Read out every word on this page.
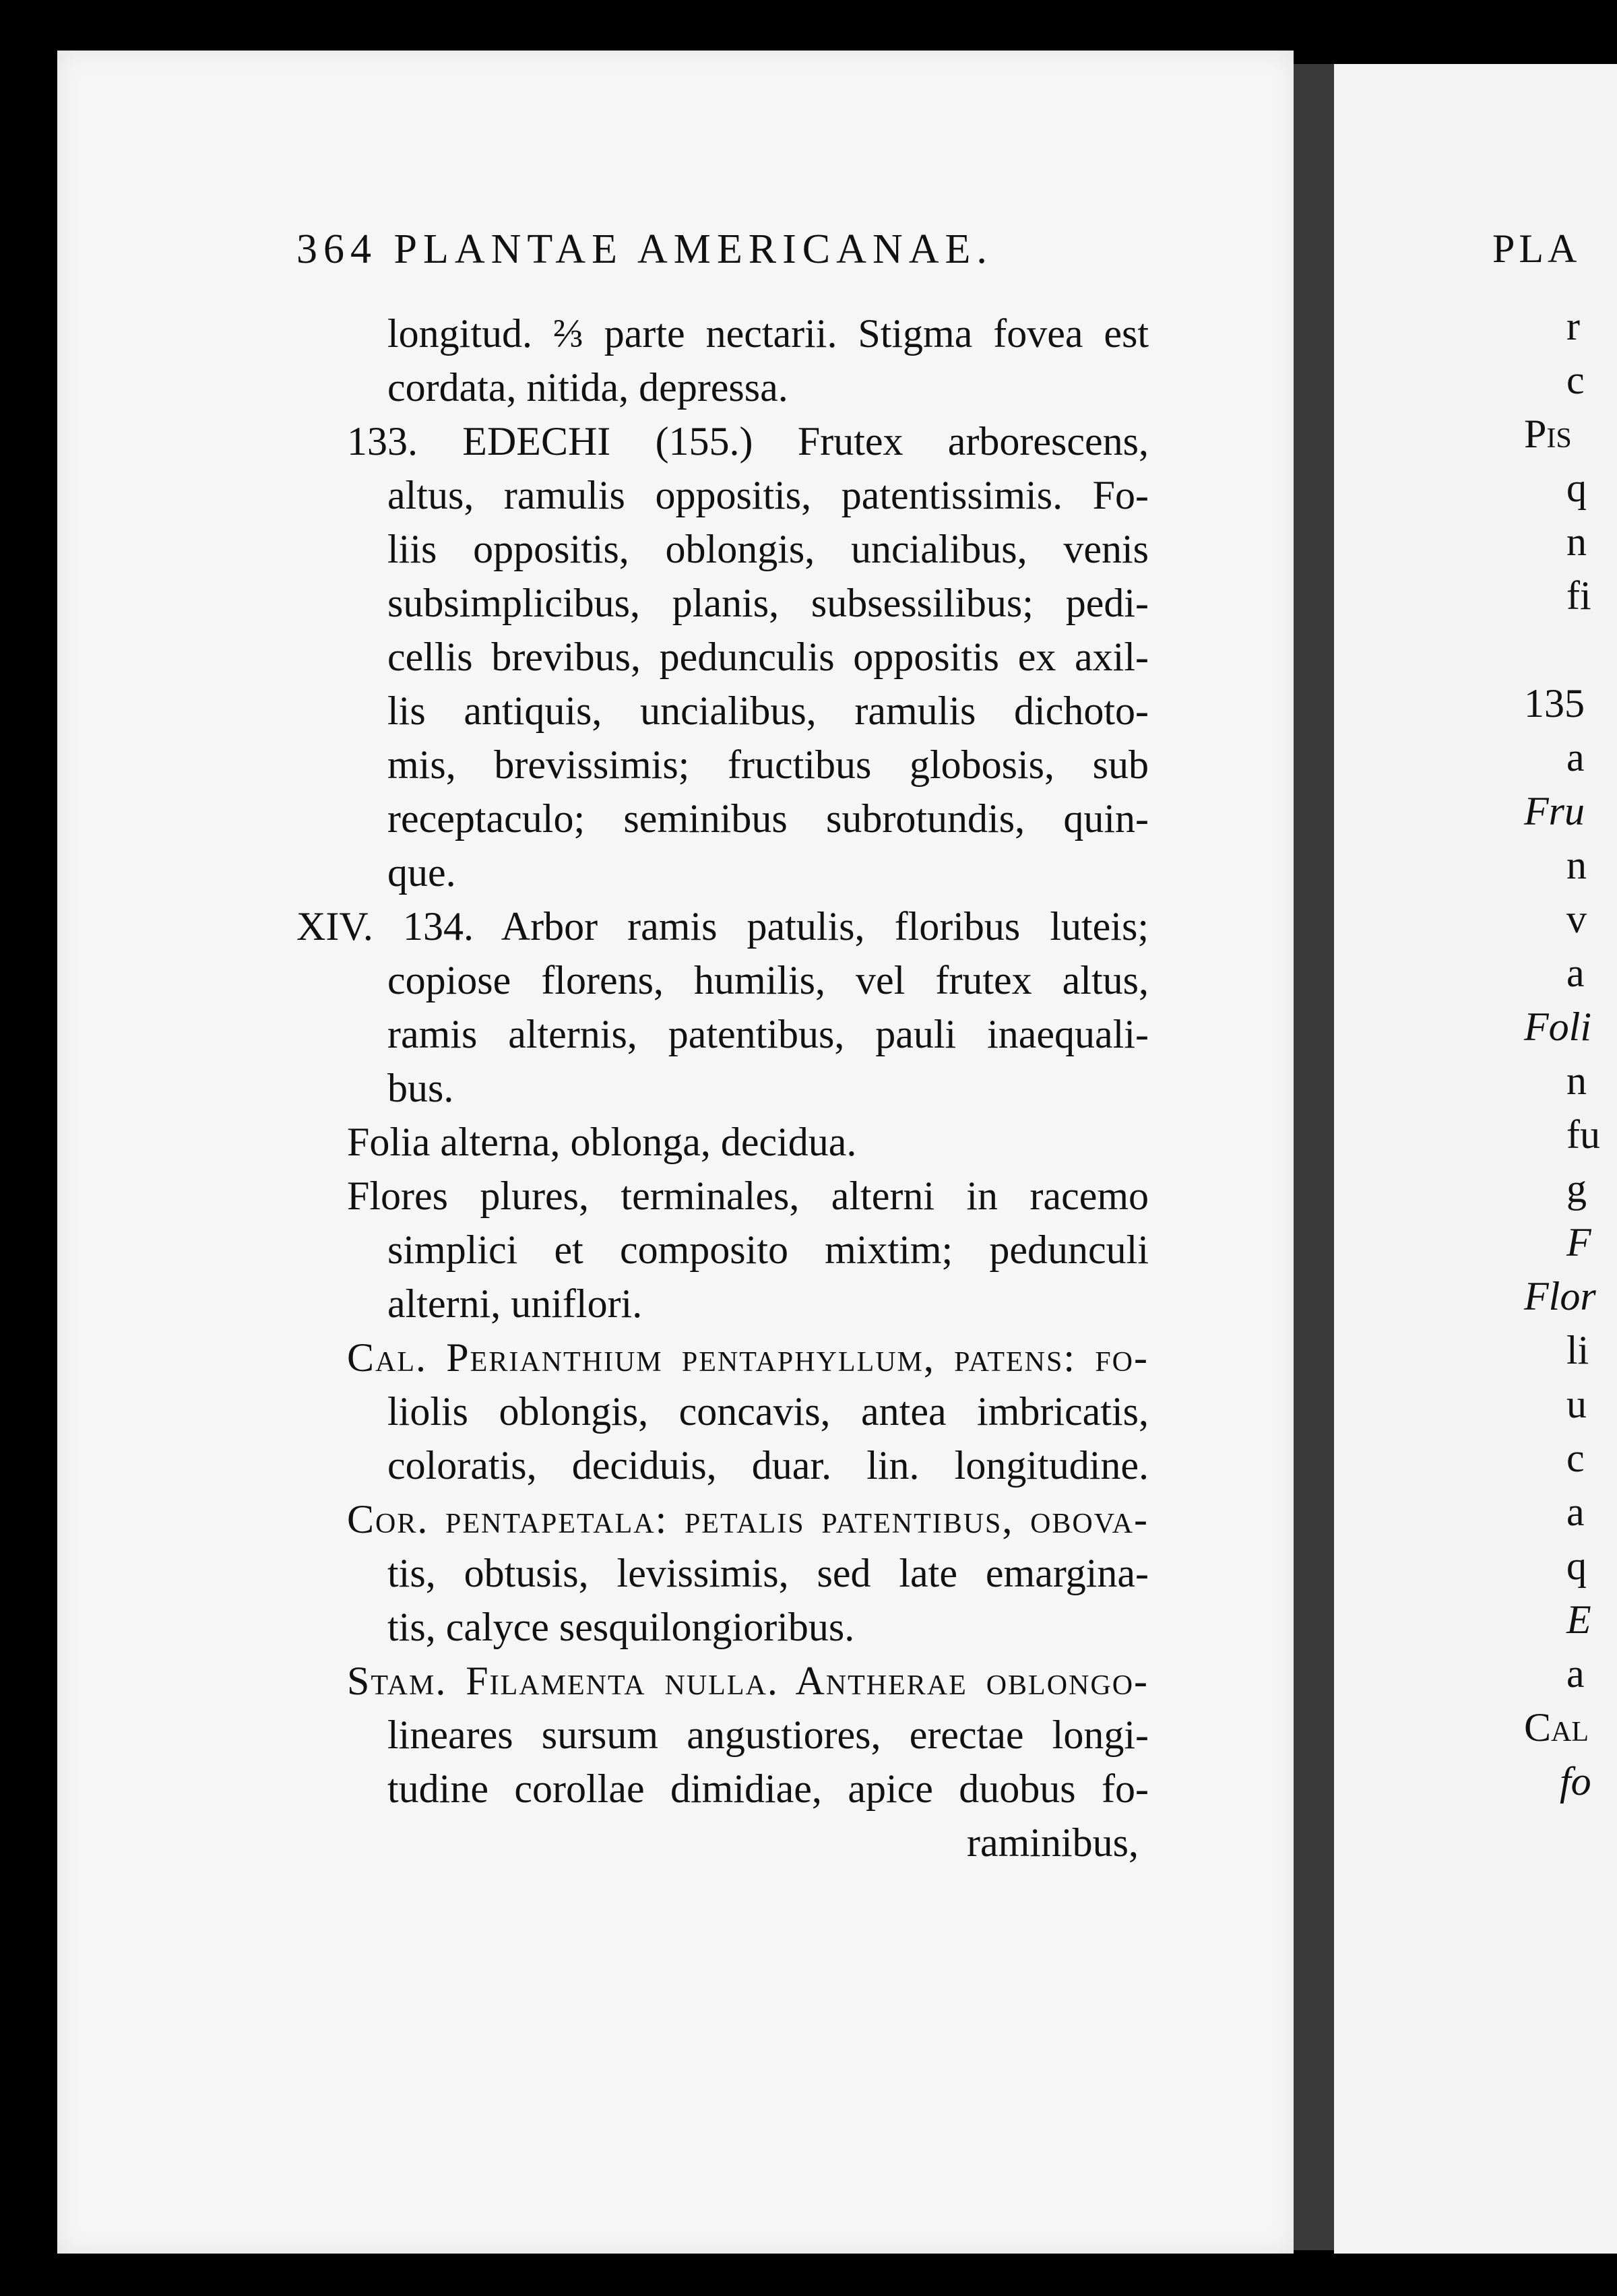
364 PLANTAE AMERICANAE.
longitud. ⅔ parte nectarii. Stigma fovea est
cordata, nitida, depressa.
133. EDECHI (155.) Frutex arborescens,
altus, ramulis oppositis, patentissimis. Fo-
liis oppositis, oblongis, uncialibus, venis
subsimplicibus, planis, subsessilibus; pedi-
cellis brevibus, pedunculis oppositis ex axil-
lis antiquis, uncialibus, ramulis dichoto-
mis, brevissimis; fructibus globosis, sub
receptaculo; seminibus subrotundis, quin-
que.
XIV. 134. Arbor ramis patulis, floribus luteis;
copiose florens, humilis, vel frutex altus,
ramis alternis, patentibus, pauli inaequali-
bus.
Folia alterna, oblonga, decidua.
Flores plures, terminales, alterni in racemo
simplici et composito mixtim; pedunculi
alterni, uniflori.
Cal. Perianthium pentaphyllum, patens: fo-
liolis oblongis, concavis, antea imbricatis,
coloratis, deciduis, duar. lin. longitudine.
Cor. pentapetala: petalis patentibus, obova-
tis, obtusis, levissimis, sed late emargina-
tis, calyce sesquilongioribus.
Stam. Filamenta nulla. Antherae oblongo-
lineares sursum angustiores, erectae longi-
tudine corollae dimidiae, apice duobus fo-
raminibus,
PLA
r
c
Pis
q
n
fi
135
a
Fru
n
v
a
Foli
n
fu
g
F
Flor
li
u
c
a
q
E
a
Cal
fo
